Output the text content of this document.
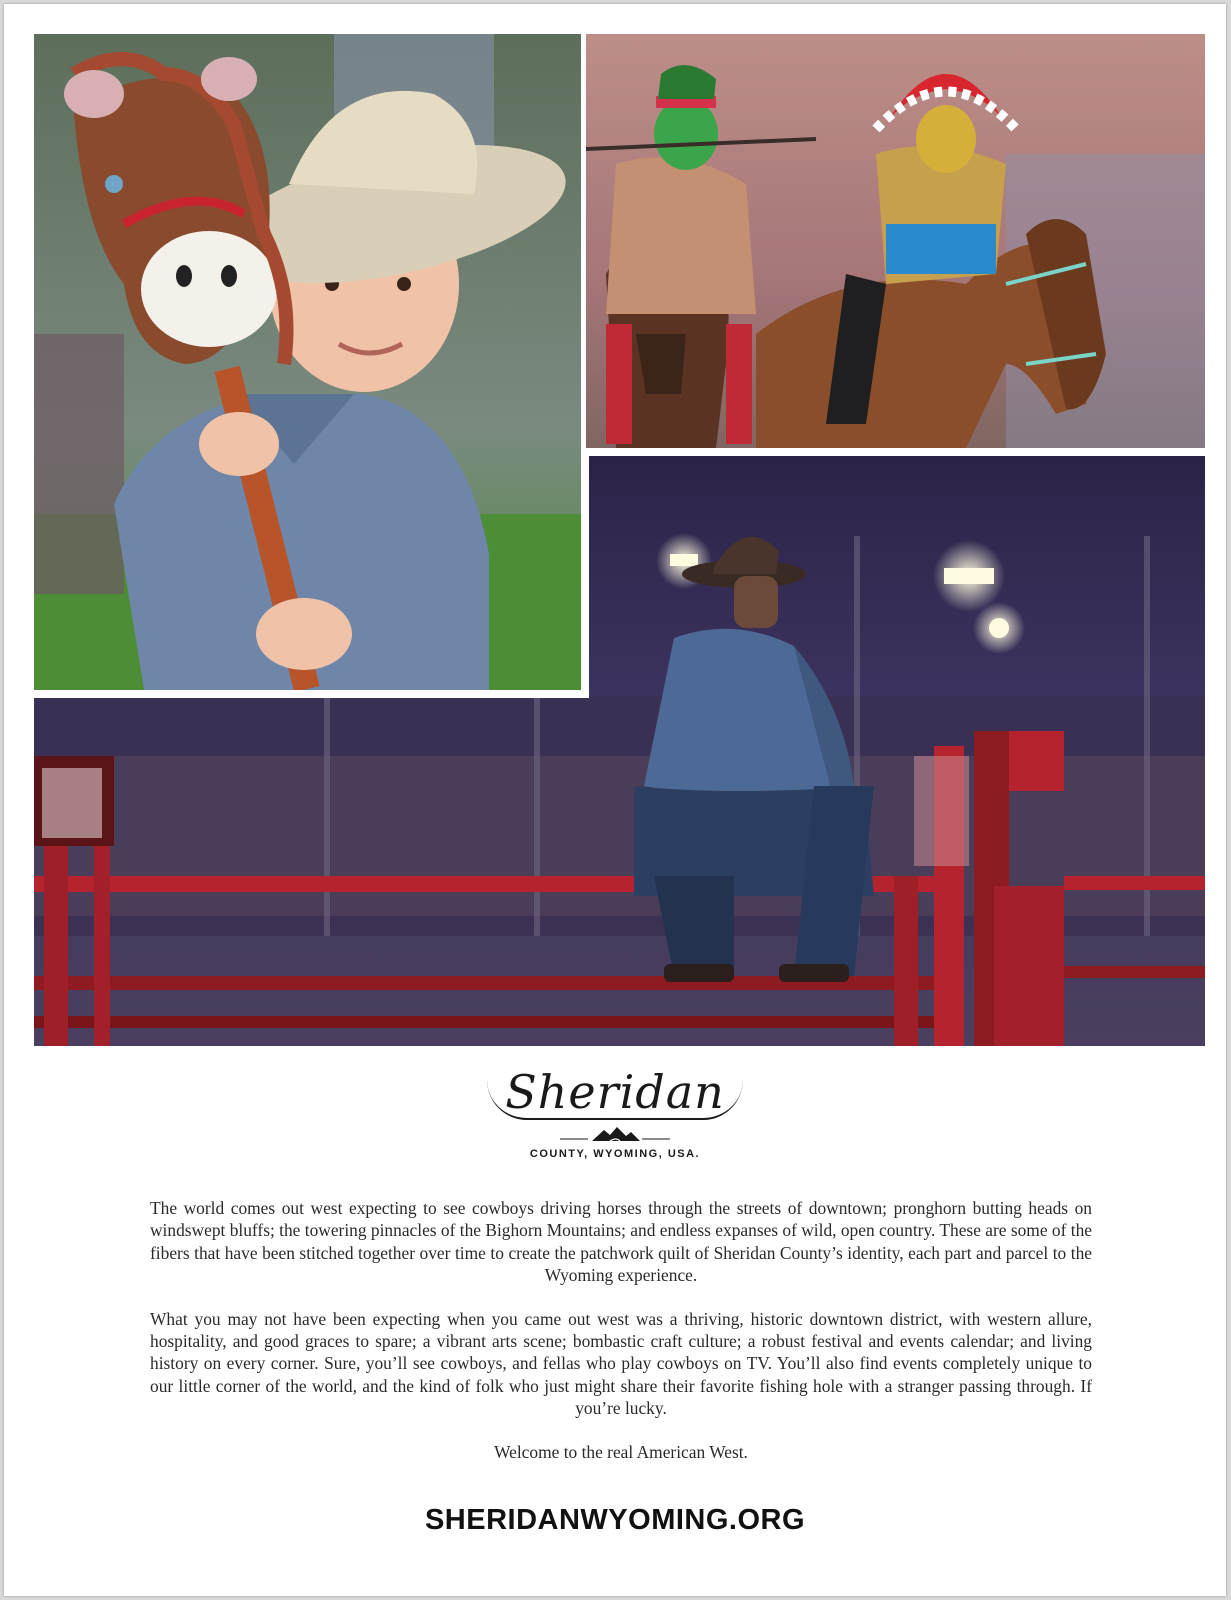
Sheridan
COUNTY, WYOMING, USA.

The world comes out west expecting to see cowboys driving horses through the streets of downtown; pronghorn butting heads on windswept bluffs; the towering pinnacles of the Bighorn Mountains; and endless expanses of wild, open country. These are some of the fibers that have been stitched together over time to create the patchwork quilt of Sheridan County’s identity, each part and parcel to the Wyoming experience.

What you may not have been expecting when you came out west was a thriving, historic downtown district, with western allure, hospitality, and good graces to spare; a vibrant arts scene; bombastic craft culture; a robust festival and events calendar; and living history on every corner. Sure, you’ll see cowboys, and fellas who play cowboys on TV. You’ll also find events completely unique to our little corner of the world, and the kind of folk who just might share their favorite fishing hole with a stranger passing through. If you’re lucky.

Welcome to the real American West.

SHERIDANWYOMING.ORG
